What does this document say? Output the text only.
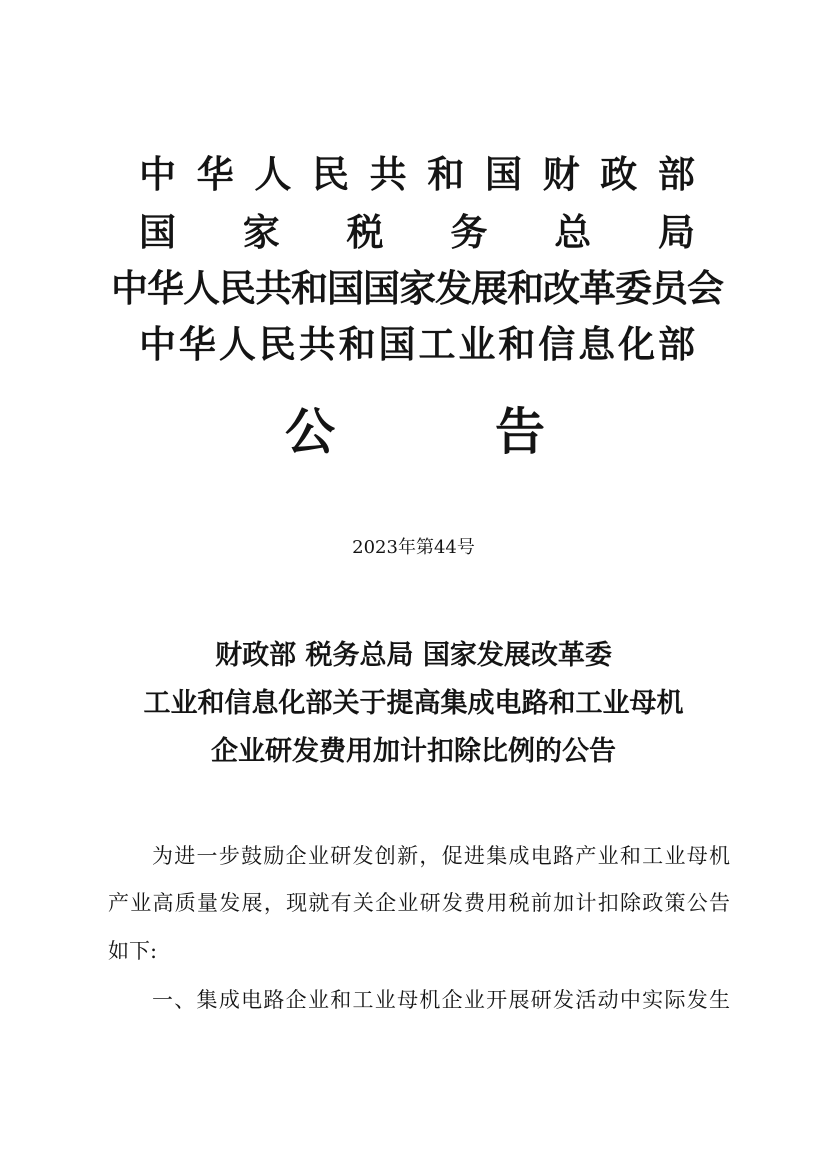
中 华 人 民 共 和 国 财 政 部
国 家 税 务 总 局
中华人民共和国国家发展和改革委员会
中 华 人 民 共 和 国 工 业 和 信 息 化 部
公	告
2023年第44号
财政部 税务总局 国家发展改革委
工业和信息化部关于提高集成电路和工业母机
企业研发费用加计扣除比例的公告
为进一步鼓励企业研发创新，促进集成电路产业和工业母机
产业高质量发展，现就有关企业研发费用税前加计扣除政策公告
如下:
一、集成电路企业和工业母机企业开展研发活动中实际发生
